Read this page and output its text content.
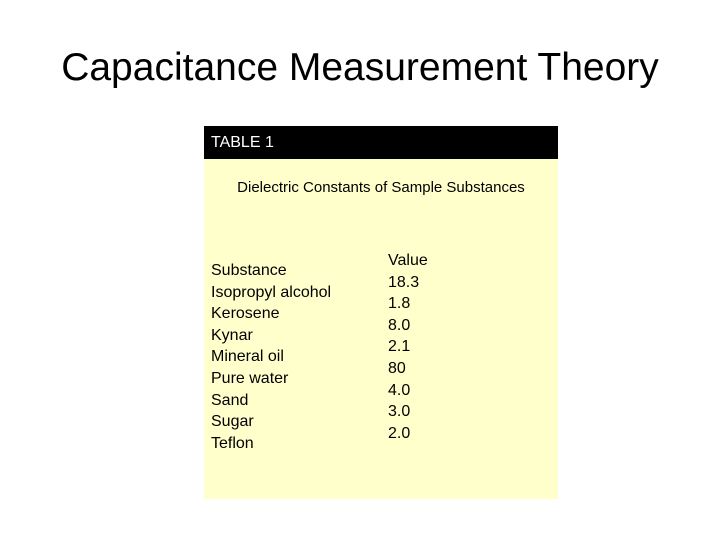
Capacitance Measurement Theory
TABLE 1
Dielectric Constants of Sample Substances
Substance
Isopropyl alcohol
Kerosene
Kynar
Mineral oil
Pure water
Sand
Sugar
Teflon
Value
18.3
1.8
8.0
2.1
80
4.0
3.0
2.0
